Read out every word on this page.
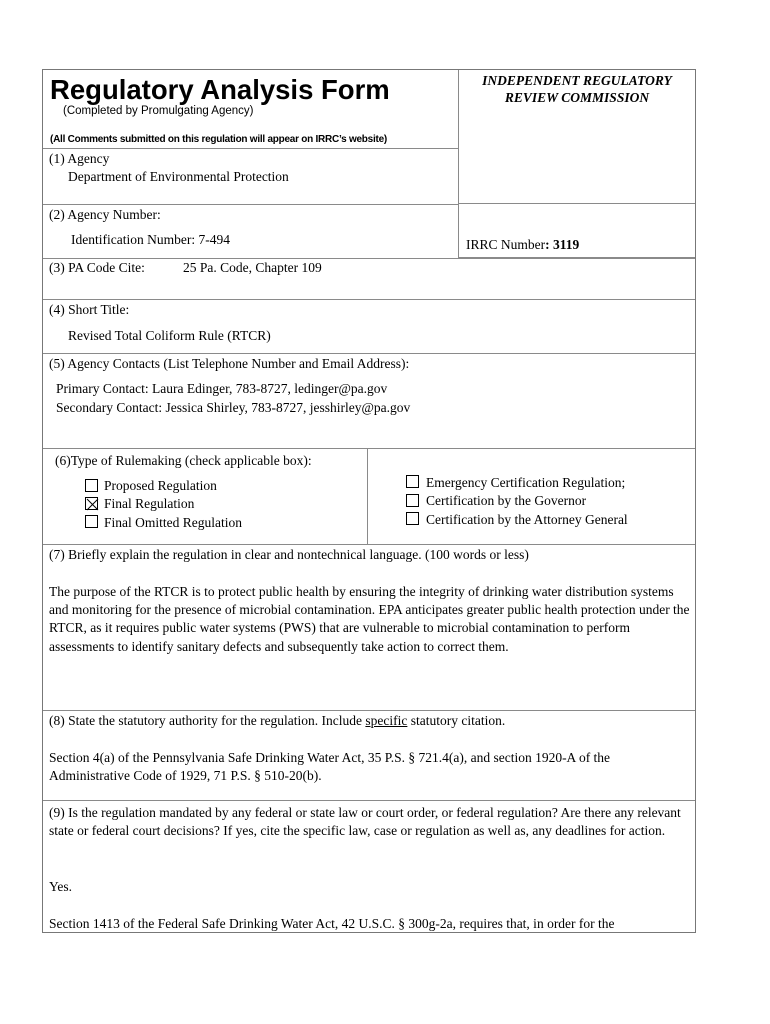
Regulatory Analysis Form
(Completed by Promulgating Agency)
(All Comments submitted on this regulation will appear on IRRC’s website)
INDEPENDENT REGULATORY
REVIEW COMMISSION
(1) Agency
Department of Environmental Protection
(2) Agency Number:
Identification Number: 7-494	IRRC Number: 3119
(3) PA Code Cite:	25 Pa. Code, Chapter 109
(4) Short Title:
Revised Total Coliform Rule (RTCR)
(5) Agency Contacts (List Telephone Number and Email Address):
Primary Contact: Laura Edinger, 783-8727, ledinger@pa.gov
Secondary Contact: Jessica Shirley, 783-8727, jesshirley@pa.gov
(6)Type of Rulemaking (check applicable box):
Proposed Regulation
Final Regulation
Final Omitted Regulation
Emergency Certification Regulation;
Certification by the Governor
Certification by the Attorney General
(7) Briefly explain the regulation in clear and nontechnical language. (100 words or less)
The purpose of the RTCR is to protect public health by ensuring the integrity of drinking water distribution systems and monitoring for the presence of microbial contamination. EPA anticipates greater public health protection under the RTCR, as it requires public water systems (PWS) that are vulnerable to microbial contamination to perform assessments to identify sanitary defects and subsequently take action to correct them.
(8) State the statutory authority for the regulation. Include specific statutory citation.
Section 4(a) of the Pennsylvania Safe Drinking Water Act, 35 P.S. § 721.4(a), and section 1920-A of the Administrative Code of 1929, 71 P.S. § 510-20(b).
(9) Is the regulation mandated by any federal or state law or court order, or federal regulation? Are there any relevant state or federal court decisions? If yes, cite the specific law, case or regulation as well as, any deadlines for action.
Yes.
Section 1413 of the Federal Safe Drinking Water Act, 42 U.S.C. § 300g-2a, requires that, in order for the
